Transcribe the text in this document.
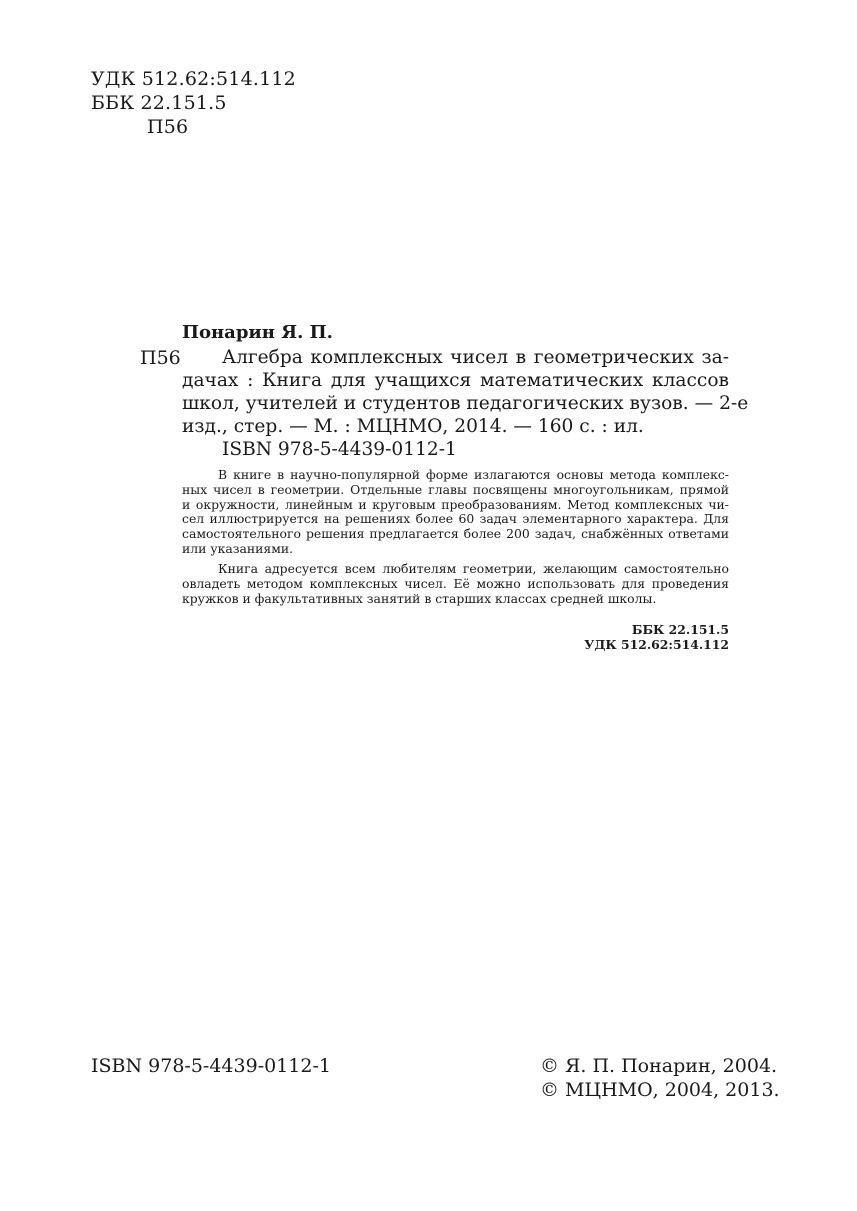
УДК 512.62:514.112
ББК 22.151.5
П56
Понарин Я. П.
П56 Алгебра комплексных чисел в геометрических за-
дачах : Книга для учащихся математических классов
школ, учителей и студентов педагогических вузов. — 2-е
изд., стер. — М. : МЦНМО, 2014. — 160 с. : ил.
ISBN 978-5-4439-0112-1
В книге в научно-популярной форме излагаются основы метода комплекс-
ных чисел в геометрии. Отдельные главы посвящены многоугольникам, прямой
и окружности, линейным и круговым преобразованиям. Метод комплексных чи-
сел иллюстрируется на решениях более 60 задач элементарного характера. Для
самостоятельного решения предлагается более 200 задач, снабжённых ответами
или указаниями.
Книга адресуется всем любителям геометрии, желающим самостоятельно
овладеть методом комплексных чисел. Её можно использовать для проведения
кружков и факультативных занятий в старших классах средней школы.
ББК 22.151.5
УДК 512.62:514.112
ISBN 978-5-4439-0112-1	© Я. П. Понарин, 2004.
© МЦНМО, 2004, 2013.
